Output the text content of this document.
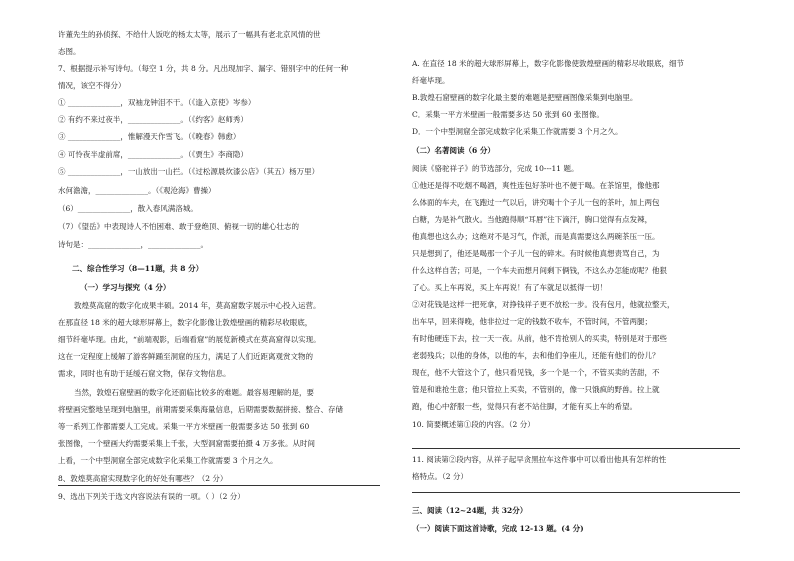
许董先生的孙侦探、不给什人饭吃的杨太太等，展示了一幅具有老北京风情的世
态图。
7、根据提示补写诗句。（每空 1 分，共 8 分。凡出现加字、漏字、错别字中的任何一种
情况，该空不得分）
① ______________，双袖龙钟泪不干。（《逢入京使》岑参）
② 有约不来过夜半，______________。（《约客》赵师秀）
③ ______________，惟解漫天作雪飞。（《晚春》韩愈）
④ 可怜夜半虚前席，______________。（《贾生》李商隐）
⑤ ______________，一山放出一山拦。（《过松源晨炊漆公店》（其五）杨万里）
水何澹澹，______________。（《观沧海》曹操）
（6）______________，散入春风满洛城。
（7）《望岳》中表现诗人不怕困难、敢于登绝顶、俯视一切的雄心壮志的
诗句是：______________，______________。
二、综合性学习（8—11题，共 8 分）
（一）学习与探究（4 分）
敦煌莫高窟的数字化成果丰硕。2014 年，莫高窟数字展示中心投入运营。
在那直径 18 米的超大球形屏幕上，数字化影像让敦煌壁画的精彩尽收眼底，
细节纤毫毕现。由此，“前端观影，后端看窟”的展览新模式在莫高窟得以实现。
这在一定程度上缓解了游客鲜踊至洞窟的压力，满足了人们近距离观赏文物的
需求，同时也有助于延缓石窟文物，保存文物信息。
当然，敦煌石窟壁画的数字化还面临比较多的难题。最容易理解的是，要
将壁画完整地呈现到电脑里，前期需要采集海量信息，后期需要数据拼接、整合、存储
等一系列工作都需要人工完成。采集一平方米壁画一般需要多达 50 张到 60
张图像，一个壁画大约需要采集上千张，大型洞窟需要拍摄 4 万多张。从时间
上看，一个中型洞窟全部完成数字化采集工作就需要 3 个月之久。
8、敦煌莫高窟实现数字化的好处有哪些？（2 分）
9、选出下列关于选文内容说法有误的一项。（ ）（2 分）
A. 在直径 18 米的超大球形屏幕上，数字化影像使敦煌壁画的精彩尽收眼底，细节
纤毫毕现。
B.敦煌石窟壁画的数字化最主要的难题是把壁画图像采集到电脑里。
C．采集一平方米壁画一般需要多达 50 张到 60 张图像。
D．一个中型洞窟全部完成数字化采集工作就需要 3 个月之久。
（二）名著阅读（6 分）
阅读《骆驼祥子》的节选部分，完成 10---11 题。
①他还是得不吃烟不喝酒，爽性连包好茶叶也不便于喝。在茶馆里，像他那
么体面的车夫，在飞跑过一气以后，讲究喝十个子儿一包的茶叶，加上两包
白糖，为是补气散火。当他跑得顺“耳唇”往下滴汗，胸口觉得有点发辣，
他真想也这么办；这绝对不是习气，作派，而是真需要这么两碗茶压一压。
只是想到了，他还是喝那一个子儿一包的碎末。有时候他真想责骂自己，为
什么这样自苦；可是，一个车夫而想月间剩下俩钱，不这么办怎能成呢？他狠
了心。买上车再说，买上车再说！有了车就足以抵得一切！
②对花钱是这样一把死拿，对挣钱祥子更不放松一步。没有包月，他就拉整天，
出车早，回来得晚，他非拉过一定的钱数不收车，不管时间，不管两腿；
有时他硬连下去，拉一天一夜。从前，他不肯抢别人的买卖，特别是对于那些
老弱残兵；以他的身体，以他的车，去和他们争座儿，还能有他们的份儿？
现在，他不大管这个了，他只看见钱，多一个是一个，不管买卖的苦甜，不
管是和谁抢生意；他只管拉上买卖，不管别的，像一只饿疯的野兽。拉上就
跑，他心中舒服一些，觉得只有老不站住脚，才能有买上车的希望。
10. 简要概述第①段的内容。（2 分）
11. 阅读第②段内容，从祥子起早贪黑拉车这件事中可以看出他具有怎样的性
格特点。（2 分）
三、阅读（12~24题，共 32分）
（一）阅读下面这首诗歌，完成 12-13 题。(4 分)
